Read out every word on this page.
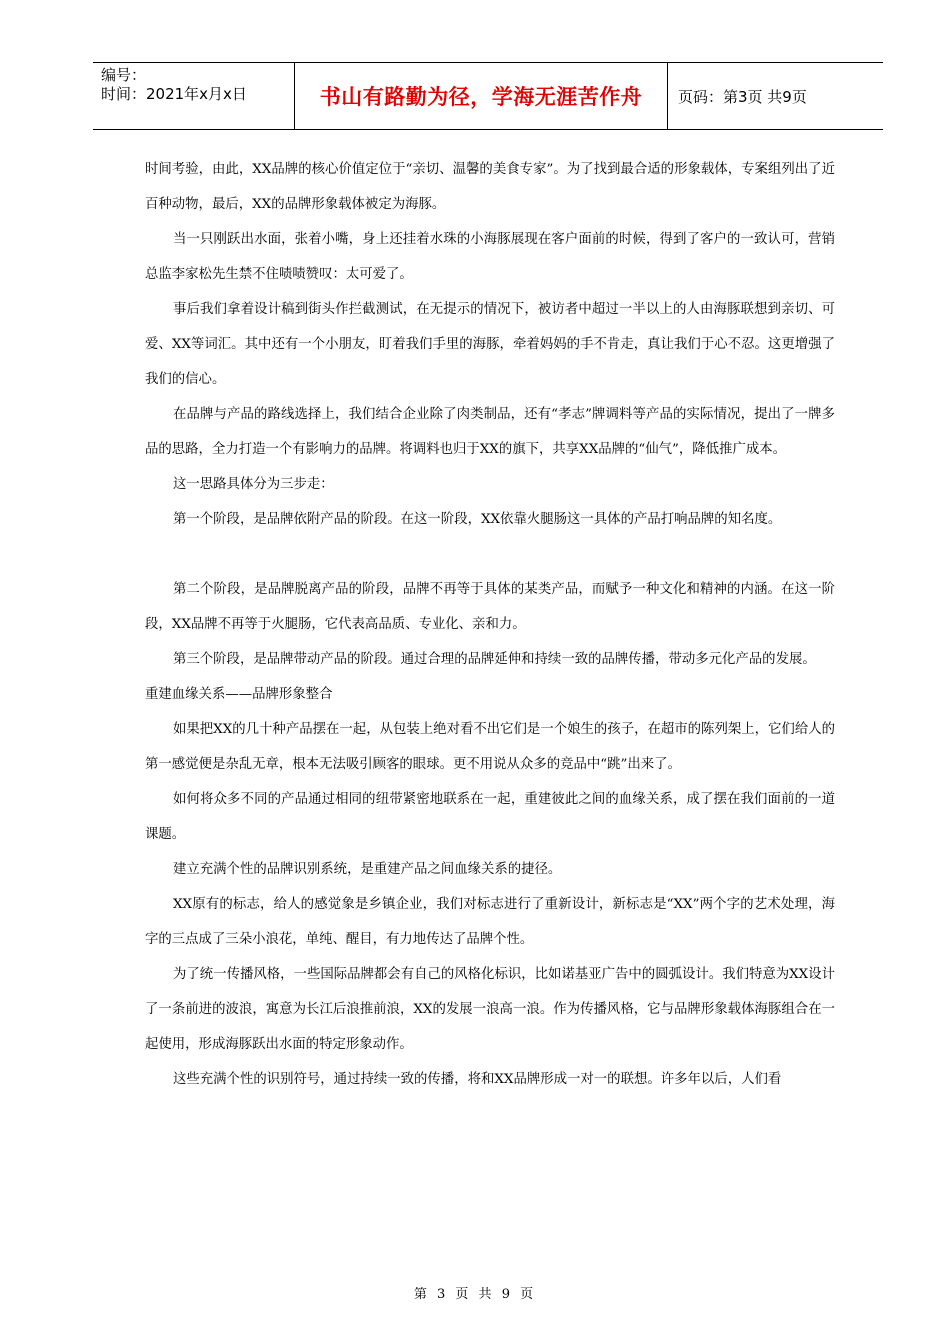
编号：
时间：2021年x月x日	书山有路勤为径，学海无涯苦作舟	页码：第3页 共9页

时间考验，由此，XX品牌的核心价值定位于“亲切、温馨的美食专家”。为了找到最合适的形象载体，专案组列出了近百种动物，最后，XX的品牌形象载体被定为海豚。

当一只刚跃出水面，张着小嘴，身上还挂着水珠的小海豚展现在客户面前的时候，得到了客户的一致认可，营销总监李家松先生禁不住啧啧赞叹：太可爱了。

事后我们拿着设计稿到街头作拦截测试，在无提示的情况下，被访者中超过一半以上的人由海豚联想到亲切、可爱、XX等词汇。其中还有一个小朋友，盯着我们手里的海豚，牵着妈妈的手不肯走，真让我们于心不忍。这更增强了我们的信心。

在品牌与产品的路线选择上，我们结合企业除了肉类制品，还有“孝志”牌调料等产品的实际情况，提出了一牌多品的思路，全力打造一个有影响力的品牌。将调料也归于XX的旗下，共享XX品牌的“仙气”，降低推广成本。

这一思路具体分为三步走：

第一个阶段，是品牌依附产品的阶段。在这一阶段，XX依靠火腿肠这一具体的产品打响品牌的知名度。

第二个阶段，是品牌脱离产品的阶段，品牌不再等于具体的某类产品，而赋予一种文化和精神的内涵。在这一阶段，XX品牌不再等于火腿肠，它代表高品质、专业化、亲和力。

第三个阶段，是品牌带动产品的阶段。通过合理的品牌延伸和持续一致的品牌传播，带动多元化产品的发展。

重建血缘关系——品牌形象整合

如果把XX的几十种产品摆在一起，从包装上绝对看不出它们是一个娘生的孩子，在超市的陈列架上，它们给人的第一感觉便是杂乱无章，根本无法吸引顾客的眼球。更不用说从众多的竞品中“跳”出来了。

如何将众多不同的产品通过相同的纽带紧密地联系在一起，重建彼此之间的血缘关系，成了摆在我们面前的一道课题。

建立充满个性的品牌识别系统，是重建产品之间血缘关系的捷径。

XX原有的标志，给人的感觉象是乡镇企业，我们对标志进行了重新设计，新标志是“XX”两个字的艺术处理，海字的三点成了三朵小浪花，单纯、醒目，有力地传达了品牌个性。

为了统一传播风格，一些国际品牌都会有自己的风格化标识，比如诺基亚广告中的圆弧设计。我们特意为XX设计了一条前进的波浪，寓意为长江后浪推前浪，XX的发展一浪高一浪。作为传播风格，它与品牌形象载体海豚组合在一起使用，形成海豚跃出水面的特定形象动作。

这些充满个性的识别符号，通过持续一致的传播，将和XX品牌形成一对一的联想。许多年以后，人们看

第 3 页 共 9 页
